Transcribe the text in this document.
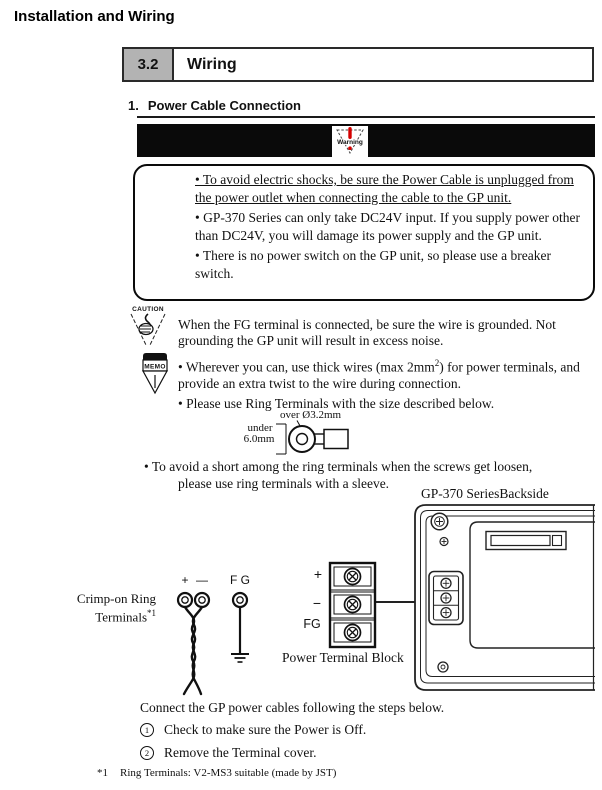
Installation and Wiring
3.2	Wiring
1. Power Cable Connection
Warning

• To avoid electric shocks, be sure the Power Cable is unplugged from the power outlet when connecting the cable to the GP unit.

• GP-370 Series can only take DC24V input. If you supply power other than DC24V, you will damage its power supply and the GP unit.

• There is no power switch on the GP unit, so please use a breaker switch.

CAUTION
When the FG terminal is connected, be sure the wire is grounded. Not grounding the GP unit will result in excess noise.
MEMO • Wherever you can, use thick wires (max $2mm^2$) for power terminals, and provide an extra twist to the wire during connection.

• Please use Ring Terminals with the size described below.

over Ø3.2mm
under
6.0mm
• To avoid a short among the ring terminals when the screws get loosen, please use ring terminals with a sleeve.
GP-370 SeriesBackside
Crimp-on Ring
Terminals$^{*1}$
+ — F G	+
−
FG
Power Terminal Block
Connect the GP power cables following the steps below.
1 Check to make sure the Power is Off.
2 Remove the Terminal cover.
*1 Ring Terminals: V2-MS3 suitable (made by JST)
